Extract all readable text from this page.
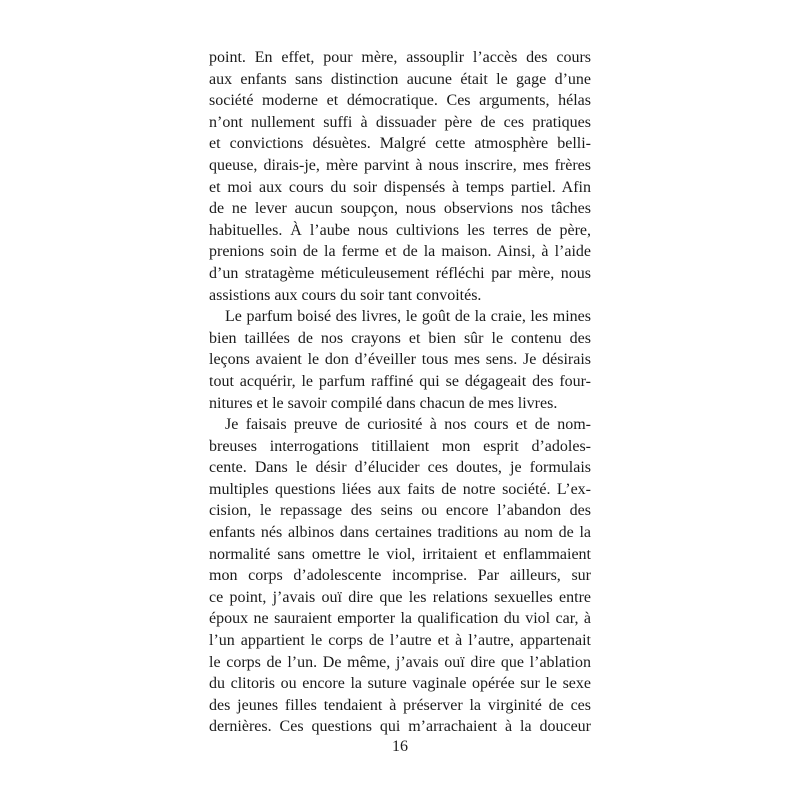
point. En effet, pour mère, assouplir l’accès des cours
aux enfants sans distinction aucune était le gage d’une
société moderne et démocratique. Ces arguments, hélas
n’ont nullement suffi à dissuader père de ces pratiques
et convictions désuètes. Malgré cette atmosphère belli-
queuse, dirais-je, mère parvint à nous inscrire, mes frères
et moi aux cours du soir dispensés à temps partiel. Afin
de ne lever aucun soupçon, nous observions nos tâches
habituelles. À l’aube nous cultivions les terres de père,
prenions soin de la ferme et de la maison. Ainsi, à l’aide
d’un stratagème méticuleusement réfléchi par mère, nous
assistions aux cours du soir tant convoités.
Le parfum boisé des livres, le goût de la craie, les mines
bien taillées de nos crayons et bien sûr le contenu des
leçons avaient le don d’éveiller tous mes sens. Je désirais
tout acquérir, le parfum raffiné qui se dégageait des four-
nitures et le savoir compilé dans chacun de mes livres.
Je faisais preuve de curiosité à nos cours et de nom-
breuses interrogations titillaient mon esprit d’adoles-
cente. Dans le désir d’élucider ces doutes, je formulais
multiples questions liées aux faits de notre société. L’ex-
cision, le repassage des seins ou encore l’abandon des
enfants nés albinos dans certaines traditions au nom de la
normalité sans omettre le viol, irritaient et enflammaient
mon corps d’adolescente incomprise. Par ailleurs, sur
ce point, j’avais ouï dire que les relations sexuelles entre
époux ne sauraient emporter la qualification du viol car, à
l’un appartient le corps de l’autre et à l’autre, appartenait
le corps de l’un. De même, j’avais ouï dire que l’ablation
du clitoris ou encore la suture vaginale opérée sur le sexe
des jeunes filles tendaient à préserver la virginité de ces
dernières. Ces questions qui m’arrachaient à la douceur
16
